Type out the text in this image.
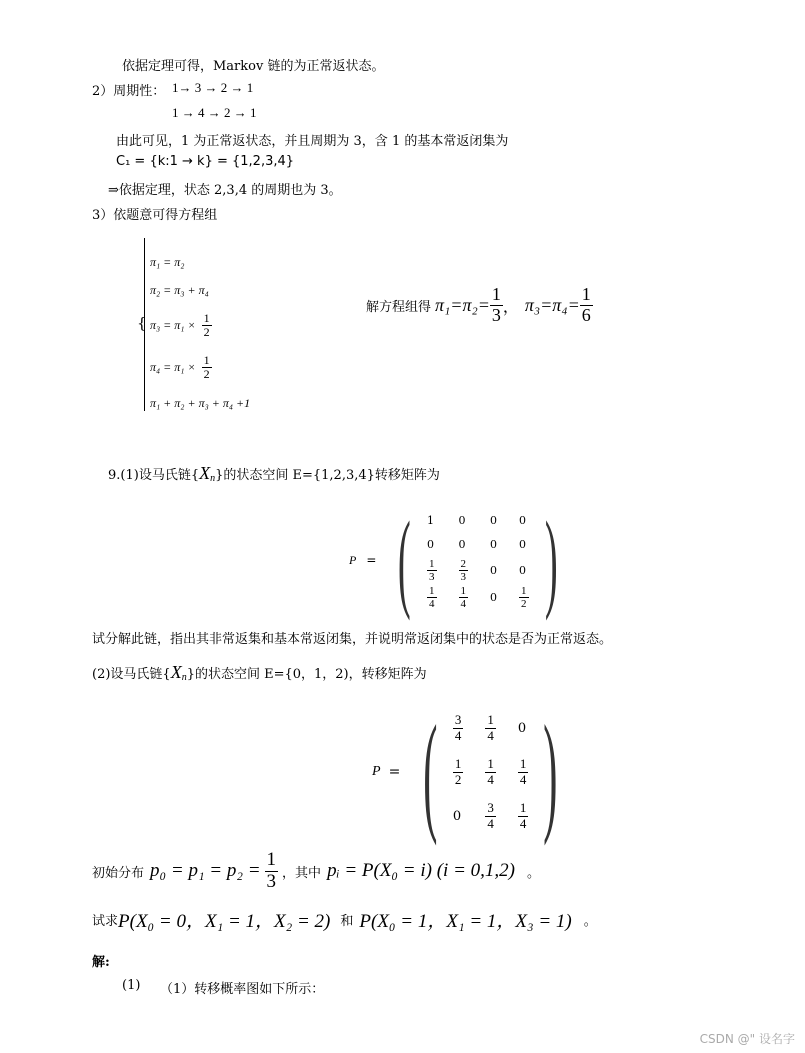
依据定理可得，Markov 链的为正常返状态。
2）周期性： 1→ 3 → 2 → 1
1 → 4 → 2 → 1
由此可见，1 为正常返状态，并且周期为 3，含 1 的基本常返闭集为
C₁ = {k:1 → k} = {1,2,3,4}
⇒依据定理，状态 2,3,4 的周期也为 3。
3）依题意可得方程组
{
π₁ = π₂
π₂ = π₃ + π₄
$\pi_3 = \pi_1 \times \frac{1}{2}$
$\pi_4 = \pi_1 \times \frac{1}{2}$
π₁ + π₂ + π₃ + π₄ +1
解方程组得 $\pi_1=\pi_2= \frac{1}{3}$ ， $\pi_3=\pi_4= \frac{1}{6}$
9.(1)设马氏链{ X n }的状态空间 E={1,2,3,4}转移矩阵为
P = ( 1	0	0	0
0	0	0	0

$\frac{1}{3}$	$\frac{2}{3}$	0	0

$\frac{1}{4}$	$\frac{1}{4}$	0	$\frac{1}{2}$ )
试分解此链，指出其非常返集和基本常返闭集，并说明常返闭集中的状态是否为正常返态。
(2)设马氏链{ X n }的状态空间 E={0，1，2)，转移矩阵为
P = ( $\frac{3}{4}$	$\frac{1}{4}$	0

$\frac{1}{2}$	$\frac{1}{4}$	$\frac{1}{4}$

0	$\frac{3}{4}$	$\frac{1}{4}$ )
初始分布 $p_0 = p_1 = p_2 = \frac{1}{3}$ ，其中 pᵢ = P(X₀ = i) (i = 0,1,2) 。
试求 P(X₀ = 0，X₁ = 1，X₂ = 2) 和 P(X₀ = 1，X₁ = 1，X₃ = 1) 。
解:
(1) （1）转移概率图如下所示：
CSDN @" 设名字
